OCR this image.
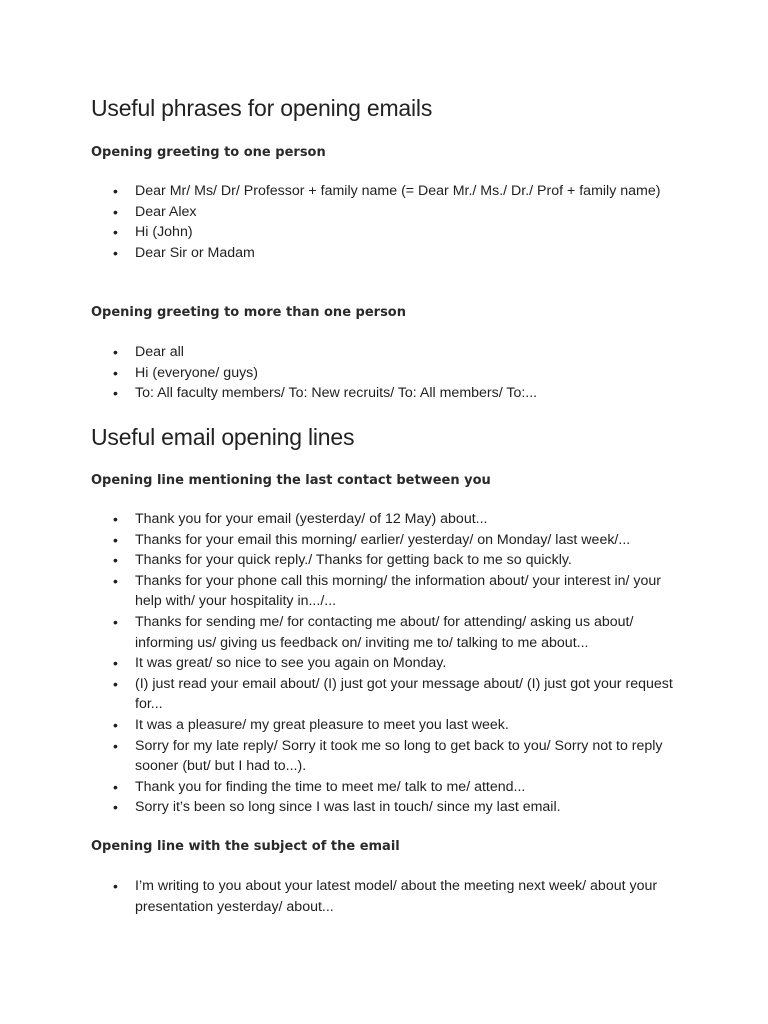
Useful phrases for opening emails
Opening greeting to one person
• Dear Mr/ Ms/ Dr/ Professor + family name (= Dear Mr./ Ms./ Dr./ Prof + family name)
• Dear Alex
• Hi (John)
• Dear Sir or Madam
Opening greeting to more than one person
• Dear all
• Hi (everyone/ guys)
• To: All faculty members/ To: New recruits/ To: All members/ To:...
Useful email opening lines
Opening line mentioning the last contact between you
• Thank you for your email (yesterday/ of 12 May) about...
• Thanks for your email this morning/ earlier/ yesterday/ on Monday/ last week/...
• Thanks for your quick reply./ Thanks for getting back to me so quickly.
• Thanks for your phone call this morning/ the information about/ your interest in/ your help with/ your hospitality in.../...
• Thanks for sending me/ for contacting me about/ for attending/ asking us about/ informing us/ giving us feedback on/ inviting me to/ talking to me about...
• It was great/ so nice to see you again on Monday.
• (I) just read your email about/ (I) just got your message about/ (I) just got your request for...
• It was a pleasure/ my great pleasure to meet you last week.
• Sorry for my late reply/ Sorry it took me so long to get back to you/ Sorry not to reply sooner (but/ but I had to...).
• Thank you for finding the time to meet me/ talk to me/ attend...
• Sorry it’s been so long since I was last in touch/ since my last email.
Opening line with the subject of the email
• I’m writing to you about your latest model/ about the meeting next week/ about your presentation yesterday/ about...
